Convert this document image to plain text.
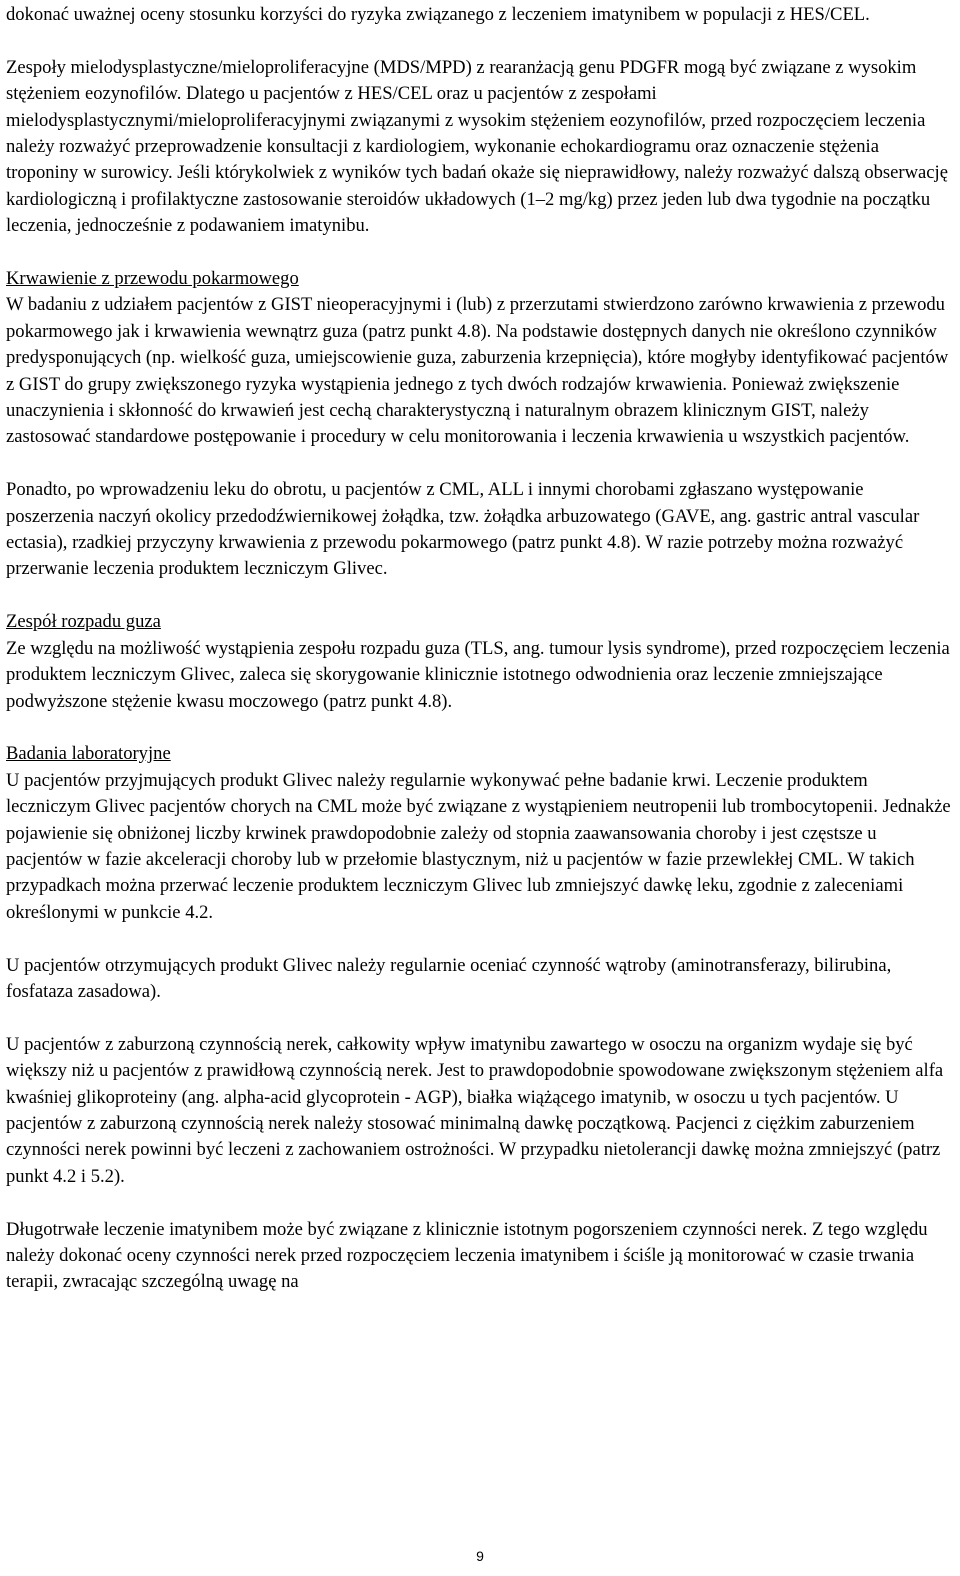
dokonać uważnej oceny stosunku korzyści do ryzyka związanego z leczeniem imatynibem w populacji z HES/CEL.

Zespoły mielodysplastyczne/mieloproliferacyjne (MDS/MPD) z rearanżacją genu PDGFR mogą być związane z wysokim stężeniem eozynofilów. Dlatego u pacjentów z HES/CEL oraz u pacjentów z zespołami mielodysplastycznymi/mieloproliferacyjnymi związanymi z wysokim stężeniem eozynofilów, przed rozpoczęciem leczenia należy rozważyć przeprowadzenie konsultacji z kardiologiem, wykonanie echokardiogramu oraz oznaczenie stężenia troponiny w surowicy. Jeśli którykolwiek z wyników tych badań okaże się nieprawidłowy, należy rozważyć dalszą obserwację kardiologiczną i profilaktyczne zastosowanie steroidów układowych (1–2 mg/kg) przez jeden lub dwa tygodnie na początku leczenia, jednocześnie z podawaniem imatynibu.

Krwawienie z przewodu pokarmowego
W badaniu z udziałem pacjentów z GIST nieoperacyjnymi i (lub) z przerzutami stwierdzono zarówno krwawienia z przewodu pokarmowego jak i krwawienia wewnątrz guza (patrz punkt 4.8). Na podstawie dostępnych danych nie określono czynników predysponujących (np. wielkość guza, umiejscowienie guza, zaburzenia krzepnięcia), które mogłyby identyfikować pacjentów z GIST do grupy zwiększonego ryzyka wystąpienia jednego z tych dwóch rodzajów krwawienia. Ponieważ zwiększenie unaczynienia i skłonność do krwawień jest cechą charakterystyczną i naturalnym obrazem klinicznym GIST, należy zastosować standardowe postępowanie i procedury w celu monitorowania i leczenia krwawienia u wszystkich pacjentów.

Ponadto, po wprowadzeniu leku do obrotu, u pacjentów z CML, ALL i innymi chorobami zgłaszano występowanie poszerzenia naczyń okolicy przedodźwiernikowej żołądka, tzw. żołądka arbuzowatego (GAVE, ang. gastric antral vascular ectasia), rzadkiej przyczyny krwawienia z przewodu pokarmowego (patrz punkt 4.8). W razie potrzeby można rozważyć przerwanie leczenia produktem leczniczym Glivec.

Zespół rozpadu guza
Ze względu na możliwość wystąpienia zespołu rozpadu guza (TLS, ang. tumour lysis syndrome), przed rozpoczęciem leczenia produktem leczniczym Glivec, zaleca się skorygowanie klinicznie istotnego odwodnienia oraz leczenie zmniejszające podwyższone stężenie kwasu moczowego (patrz punkt 4.8).
Badania laboratoryjne
U pacjentów przyjmujących produkt Glivec należy regularnie wykonywać pełne badanie krwi. Leczenie produktem leczniczym Glivec pacjentów chorych na CML może być związane z wystąpieniem neutropenii lub trombocytopenii. Jednakże pojawienie się obniżonej liczby krwinek prawdopodobnie zależy od stopnia zaawansowania choroby i jest częstsze u pacjentów w fazie akceleracji choroby lub w przełomie blastycznym, niż u pacjentów w fazie przewlekłej CML. W takich przypadkach można przerwać leczenie produktem leczniczym Glivec lub zmniejszyć dawkę leku, zgodnie z zaleceniami określonymi w punkcie 4.2.

U pacjentów otrzymujących produkt Glivec należy regularnie oceniać czynność wątroby (aminotransferazy, bilirubina, fosfataza zasadowa).

U pacjentów z zaburzoną czynnością nerek, całkowity wpływ imatynibu zawartego w osoczu na organizm wydaje się być większy niż u pacjentów z prawidłową czynnością nerek. Jest to prawdopodobnie spowodowane zwiększonym stężeniem alfa kwaśniej glikoproteiny (ang. alpha-acid glycoprotein - AGP), białka wiążącego imatynib, w osoczu u tych pacjentów. U pacjentów z zaburzoną czynnością nerek należy stosować minimalną dawkę początkową. Pacjenci z ciężkim zaburzeniem czynności nerek powinni być leczeni z zachowaniem ostrożności. W przypadku nietolerancji dawkę można zmniejszyć (patrz punkt 4.2 i 5.2).

Długotrwałe leczenie imatynibem może być związane z klinicznie istotnym pogorszeniem czynności nerek. Z tego względu należy dokonać oceny czynności nerek przed rozpoczęciem leczenia imatynibem i ściśle ją monitorować w czasie trwania terapii, zwracając szczególną uwagę na

9
